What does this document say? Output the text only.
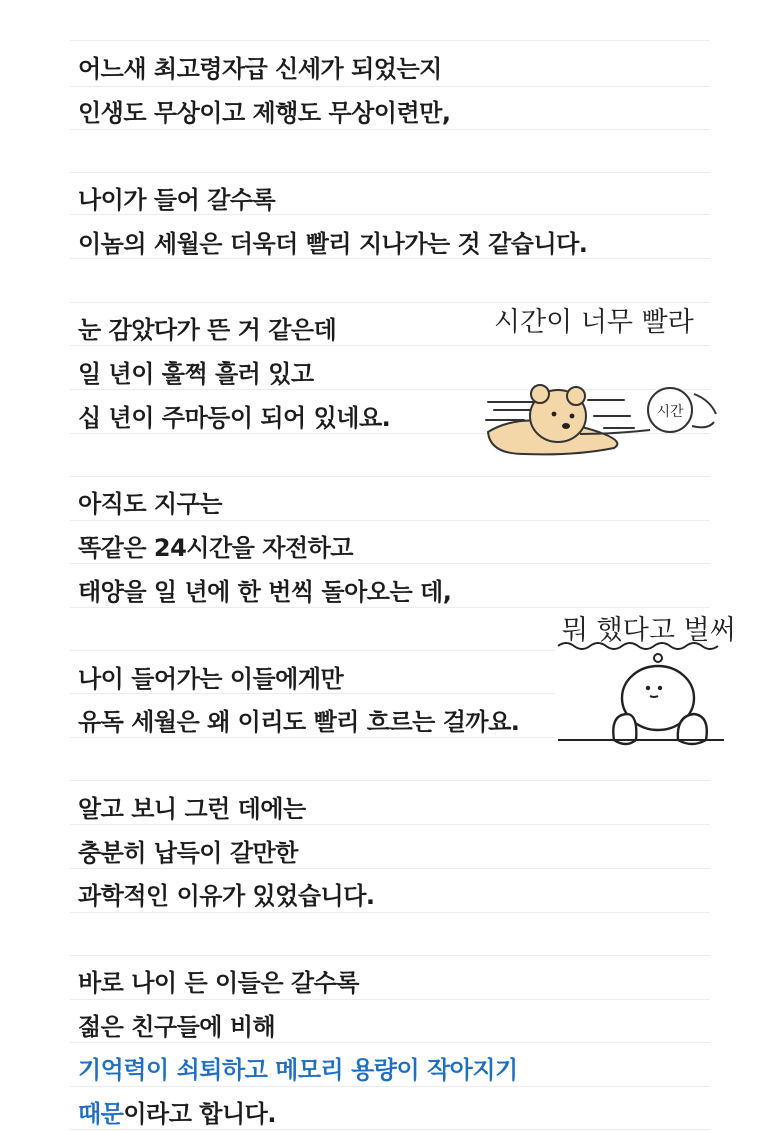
어느새 최고령자급 신세가 되었는지
인생도 무상이고 제행도 무상이련만,
나이가 들어 갈수록
이놈의 세월은 더욱더 빨리 지나가는 것 같습니다.
눈 감았다가 뜬 거 같은데
일 년이 훌쩍 흘러 있고
십 년이 주마등이 되어 있네요.
아직도 지구는
똑같은 24시간을 자전하고
태양을 일 년에 한 번씩 돌아오는 데,
나이 들어가는 이들에게만
유독 세월은 왜 이리도 빨리 흐르는 걸까요.
알고 보니 그런 데에는
충분히 납득이 갈만한
과학적인 이유가 있었습니다.
바로 나이 든 이들은 갈수록
젊은 친구들에 비해
기억력이 쇠퇴하고 메모리 용량이 작아지기
때문이라고 합니다.
시간이 너무 빨라
시간
뭐 했다고 벌써
